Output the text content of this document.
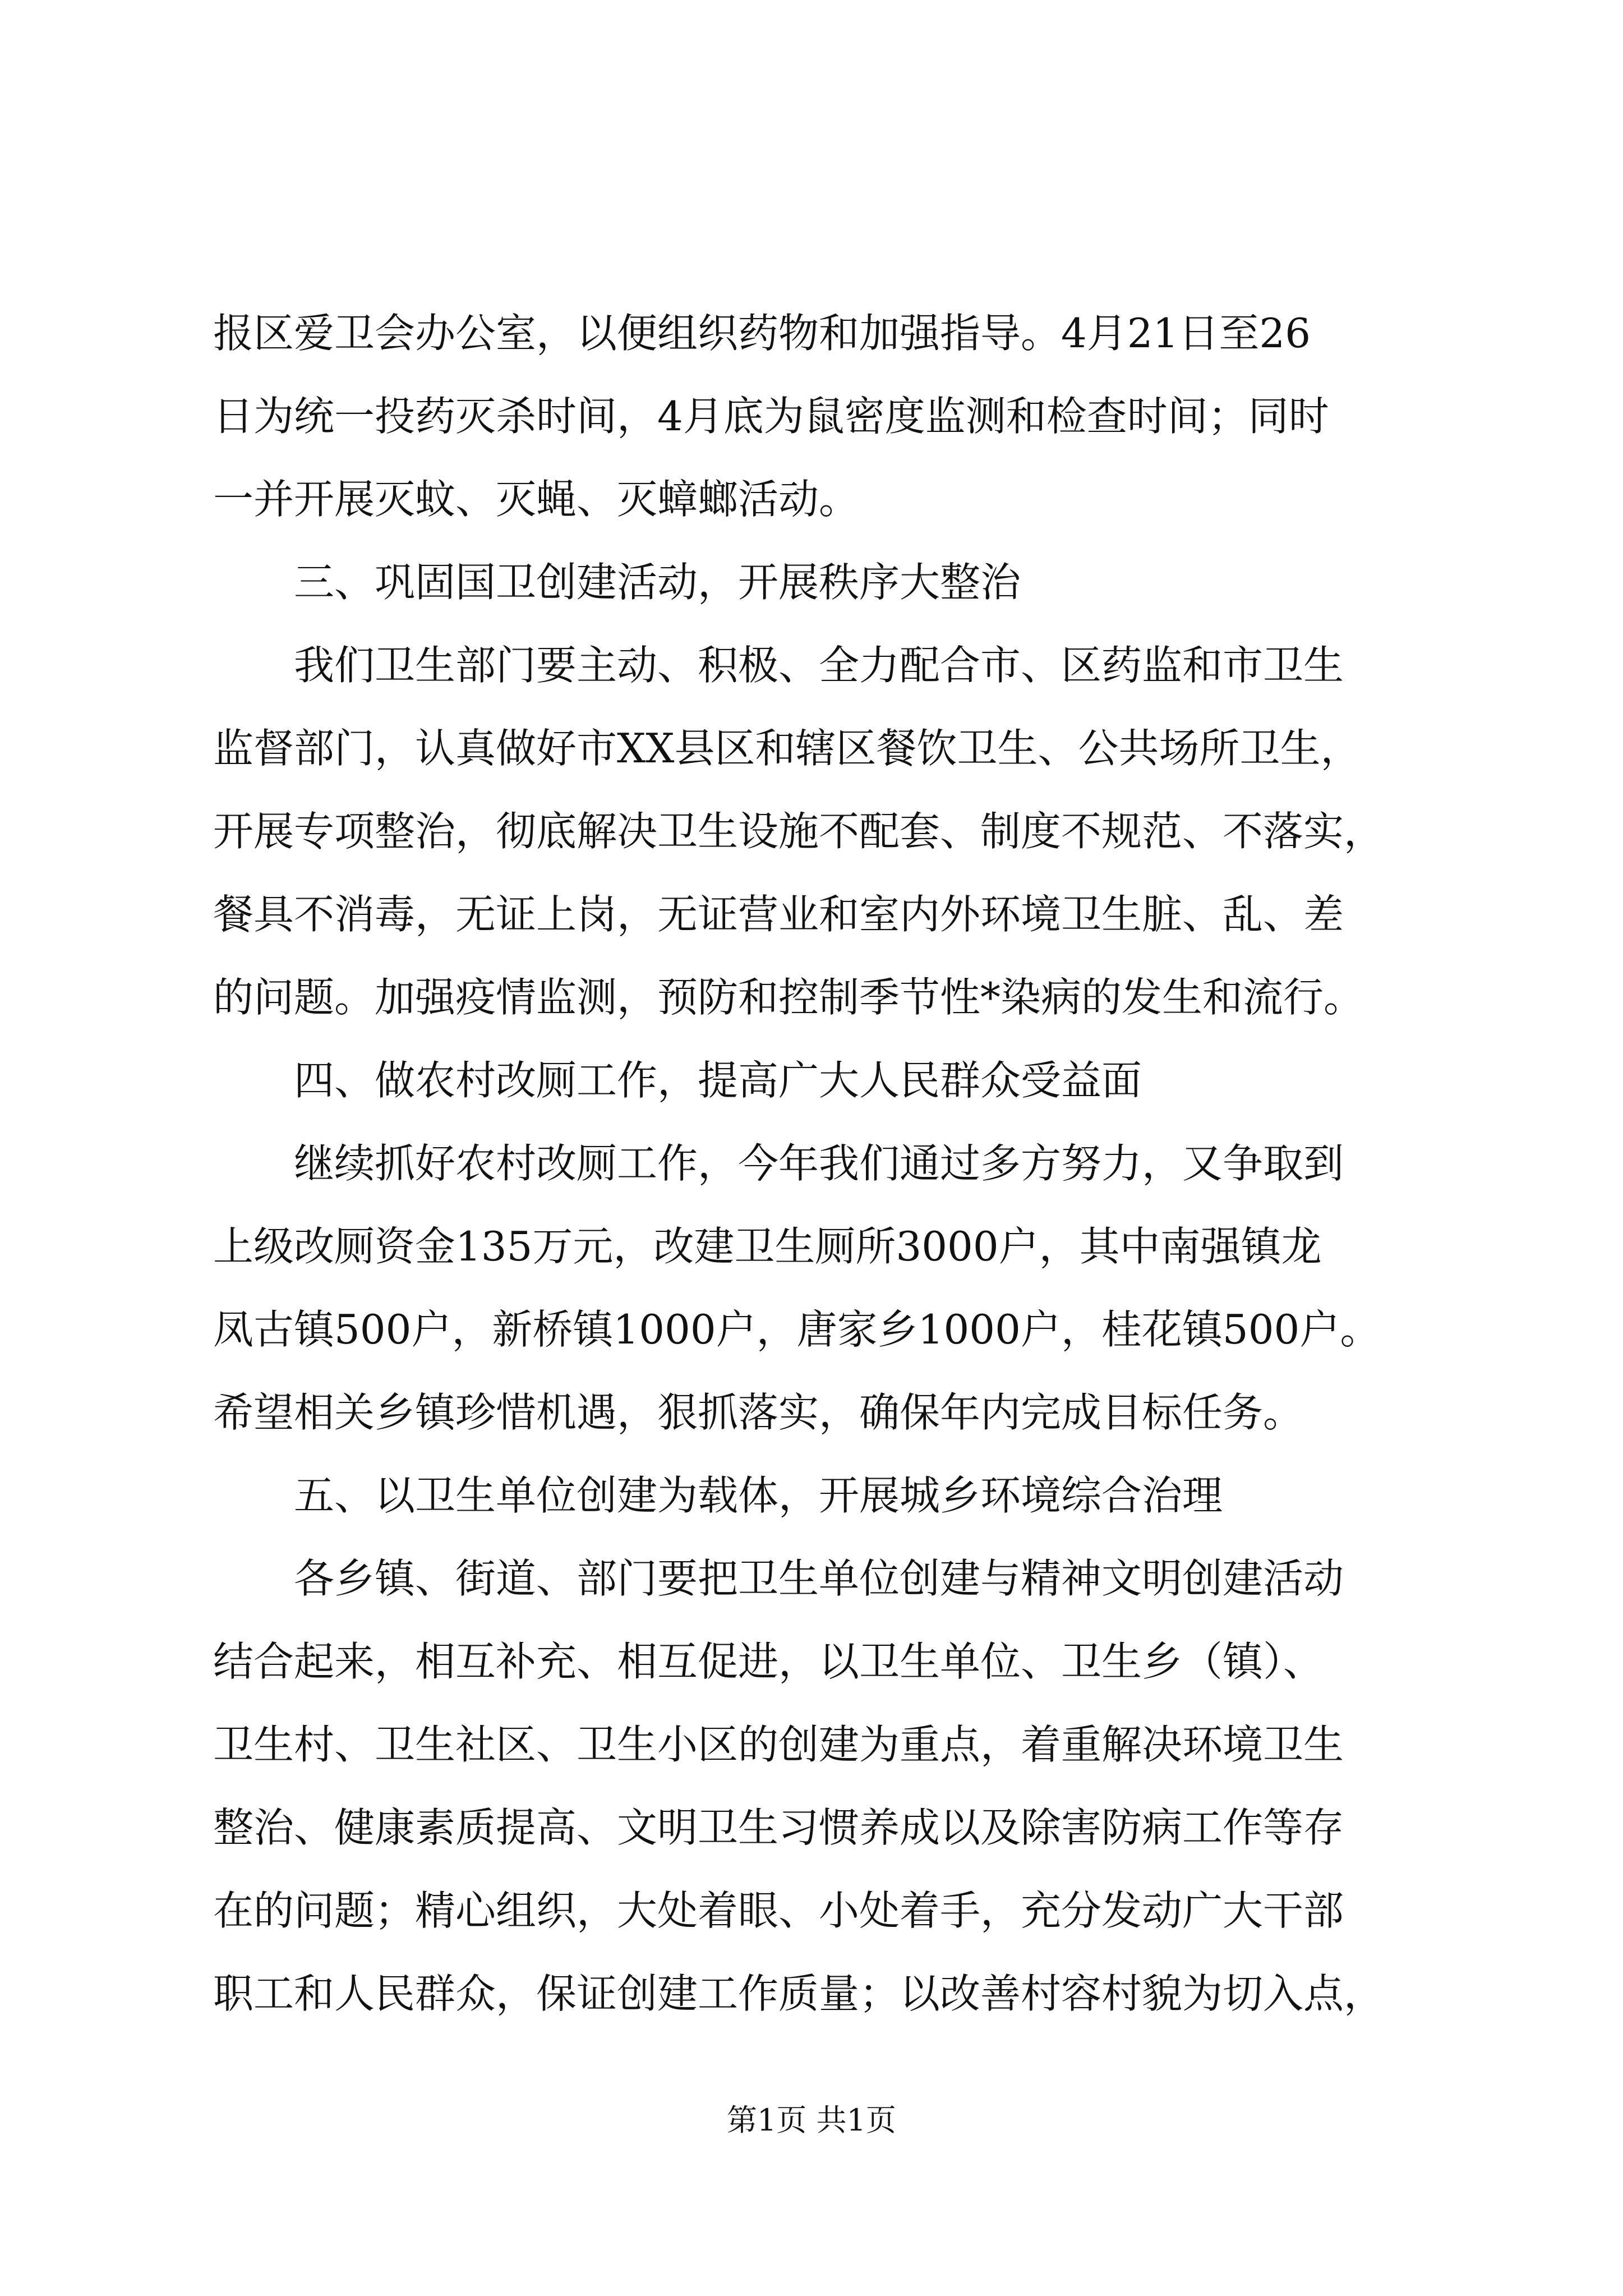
报区爱卫会办公室，以便组织药物和加强指导。4月21日至26
日为统一投药灭杀时间，4月底为鼠密度监测和检查时间；同时
一并开展灭蚊、灭蝇、灭蟑螂活动。
三、巩固国卫创建活动，开展秩序大整治
我们卫生部门要主动、积极、全力配合市、区药监和市卫生
监督部门，认真做好市XX县区和辖区餐饮卫生、公共场所卫生，
开展专项整治，彻底解决卫生设施不配套、制度不规范、不落实，
餐具不消毒，无证上岗，无证营业和室内外环境卫生脏、乱、差
的问题。加强疫情监测，预防和控制季节性*染病的发生和流行。
四、做农村改厕工作，提高广大人民群众受益面
继续抓好农村改厕工作，今年我们通过多方努力，又争取到
上级改厕资金135万元，改建卫生厕所3000户，其中南强镇龙
凤古镇500户，新桥镇1000户，唐家乡1000户，桂花镇500户。
希望相关乡镇珍惜机遇，狠抓落实，确保年内完成目标任务。
五、以卫生单位创建为载体，开展城乡环境综合治理
各乡镇、街道、部门要把卫生单位创建与精神文明创建活动
结合起来，相互补充、相互促进，以卫生单位、卫生乡（镇）、
卫生村、卫生社区、卫生小区的创建为重点，着重解决环境卫生
整治、健康素质提高、文明卫生习惯养成以及除害防病工作等存
在的问题；精心组织，大处着眼、小处着手，充分发动广大干部
职工和人民群众，保证创建工作质量；以改善村容村貌为切入点，
第1页 共1页
